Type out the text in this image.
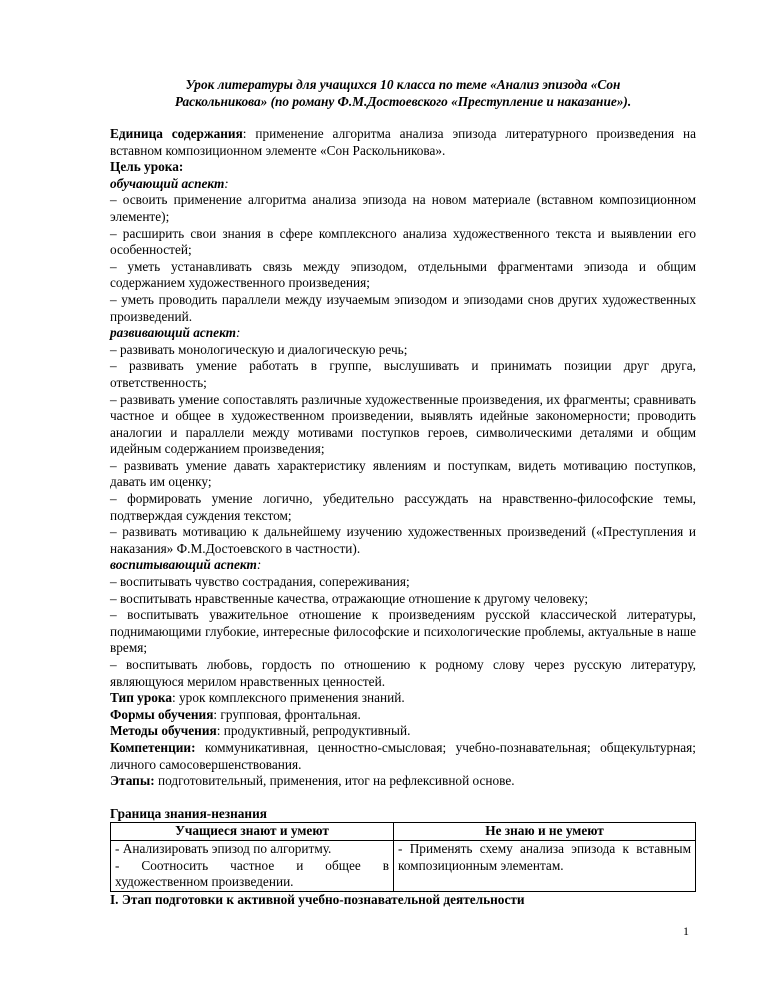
Урок литературы для учащихся 10 класса по теме «Анализ эпизода «Сон
Раскольникова» (по роману Ф.М.Достоевского «Преступление и наказание»).

Единица содержания: применение алгоритма анализа эпизода литературного произведения на вставном композиционном элементе «Сон Раскольникова».

Цель урока:

обучающий аспект:

– освоить применение алгоритма анализа эпизода на новом материале (вставном композиционном элементе);

– расширить свои знания в сфере комплексного анализа художественного текста и выявлении его особенностей;

– уметь устанавливать связь между эпизодом, отдельными фрагментами эпизода и общим содержанием художественного произведения;

– уметь проводить параллели между изучаемым эпизодом и эпизодами снов других художественных произведений.

развивающий аспект:

– развивать монологическую и диалогическую речь;

– развивать умение работать в группе, выслушивать и принимать позиции друг друга, ответственность;

– развивать умение сопоставлять различные художественные произведения, их фрагменты; сравнивать частное и общее в художественном произведении, выявлять идейные закономерности; проводить аналогии и параллели между мотивами поступков героев, символическими деталями и общим идейным содержанием произведения;

– развивать умение давать характеристику явлениям и поступкам, видеть мотивацию поступков, давать им оценку;

– формировать умение логично, убедительно рассуждать на нравственно-философские темы, подтверждая суждения текстом;

– развивать мотивацию к дальнейшему изучению художественных произведений («Преступления и наказания» Ф.М.Достоевского в частности).

воспитывающий аспект:

– воспитывать чувство сострадания, сопереживания;

– воспитывать нравственные качества, отражающие отношение к другому человеку;

– воспитывать уважительное отношение к произведениям русской классической литературы, поднимающими глубокие, интересные философские и психологические проблемы, актуальные в наше время;

– воспитывать любовь, гордость по отношению к родному слову через русскую литературу, являющуюся мерилом нравственных ценностей.

Тип урока: урок комплексного применения знаний.

Формы обучения: групповая, фронтальная.

Методы обучения: продуктивный, репродуктивный.

Компетенции: коммуникативная, ценностно-смысловая; учебно-познавательная; общекультурная; личного самосовершенствования.

Этапы: подготовительный, применения, итог на рефлексивной основе.

Граница знания-незнания

Учащиеся знают и умеют	Не знаю и не умеют

- Анализировать эпизод по алгоритму.
- Соотносить частное и общее в художественном произведении.	- Применять схему анализа эпизода к вставным композиционным элементам.

I. Этап подготовки к активной учебно-познавательной деятельности

1
